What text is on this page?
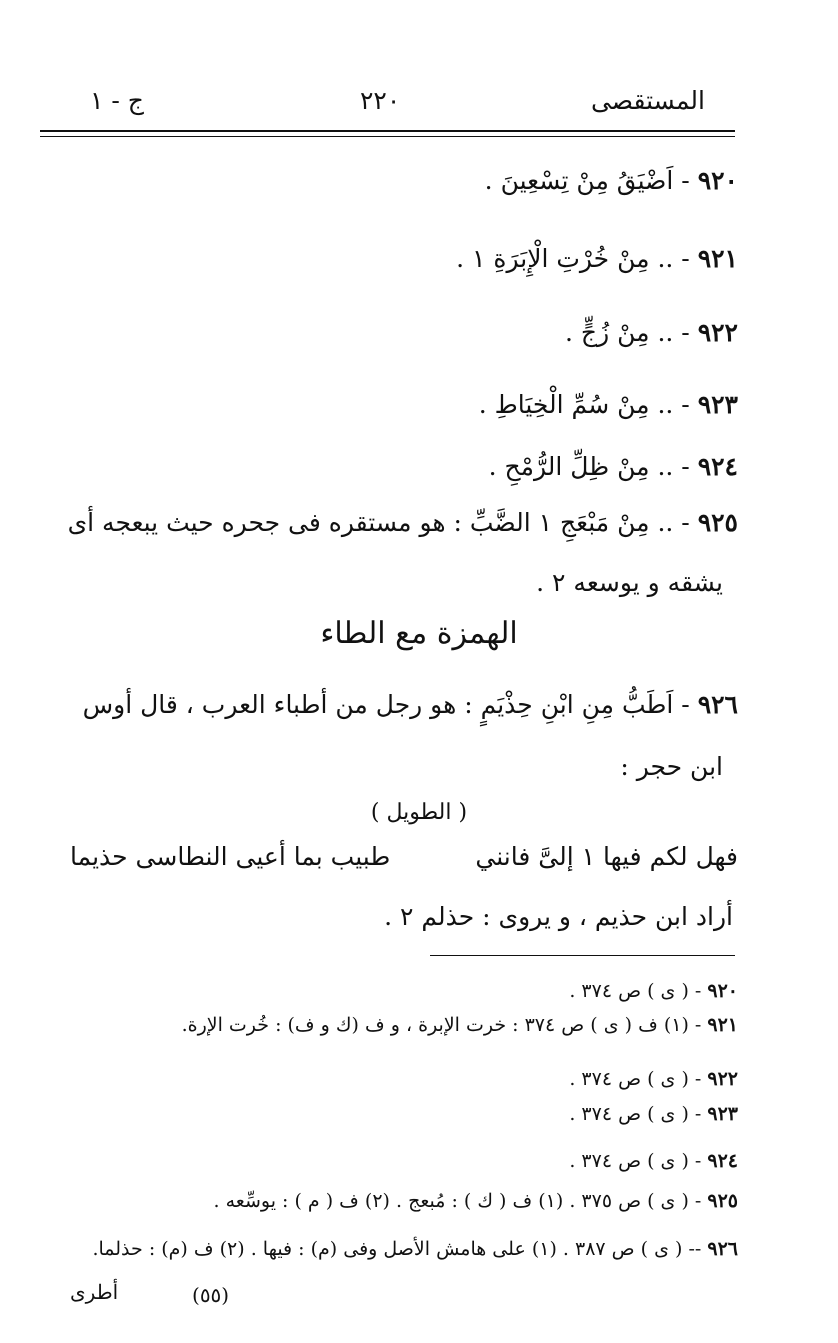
المستقصى
٢٢٠
ج - ١
٩٢٠ - اَضْيَقُ مِنْ تِسْعِينَ .
٩٢١ - .. مِنْ خُرْتِ الْإِبَرَةِ ١ .
٩٢٢ - .. مِنْ زُجٍّ .
٩٢٣ - .. مِنْ سُمِّ الْخِيَاطِ .
٩٢٤ - .. مِنْ ظِلِّ الرُّمْحِ .
٩٢٥ - .. مِنْ مَبْعَجِ ١ الضَّبِّ : هو مستقره فى جحره حيث يبعجه أى
يشقه و يوسعه ٢ .
الهمزة مع الطاء
٩٢٦ - اَطَبُّ مِنِ ابْنِ حِذْيَمٍ : هو رجل من أطباء العرب ، قال أوس
ابن حجر :
( الطويل )
فهل لكم فيها ١ إلىَّ فانني
طبيب بما أعيى النطاسى حذيما
أراد ابن حذيم ، و يروى : حذلم ٢ .
٩٢٠ - ( ى ) ص ٣٧٤ .
٩٢١ - (١) ف ( ى ) ص ٣٧٤ : خرت الإبرة ، و ف (ك و ف) : خُرت الإرة.
٩٢٢ - ( ى ) ص ٣٧٤ .
٩٢٣ - ( ى ) ص ٣٧٤ .
٩٢٤ - ( ى ) ص ٣٧٤ .
٩٢٥ - ( ى ) ص ٣٧٥ . (١) ف ( ك ) : مُبعج . (٢) ف ( م ) : يوسِّعه .
٩٢٦ -- ( ى ) ص ٣٨٧ . (١) على هامش الأصل وفى (م) : فيها . (٢) ف (م) : حذلما.
أطرى	(٥٥)
